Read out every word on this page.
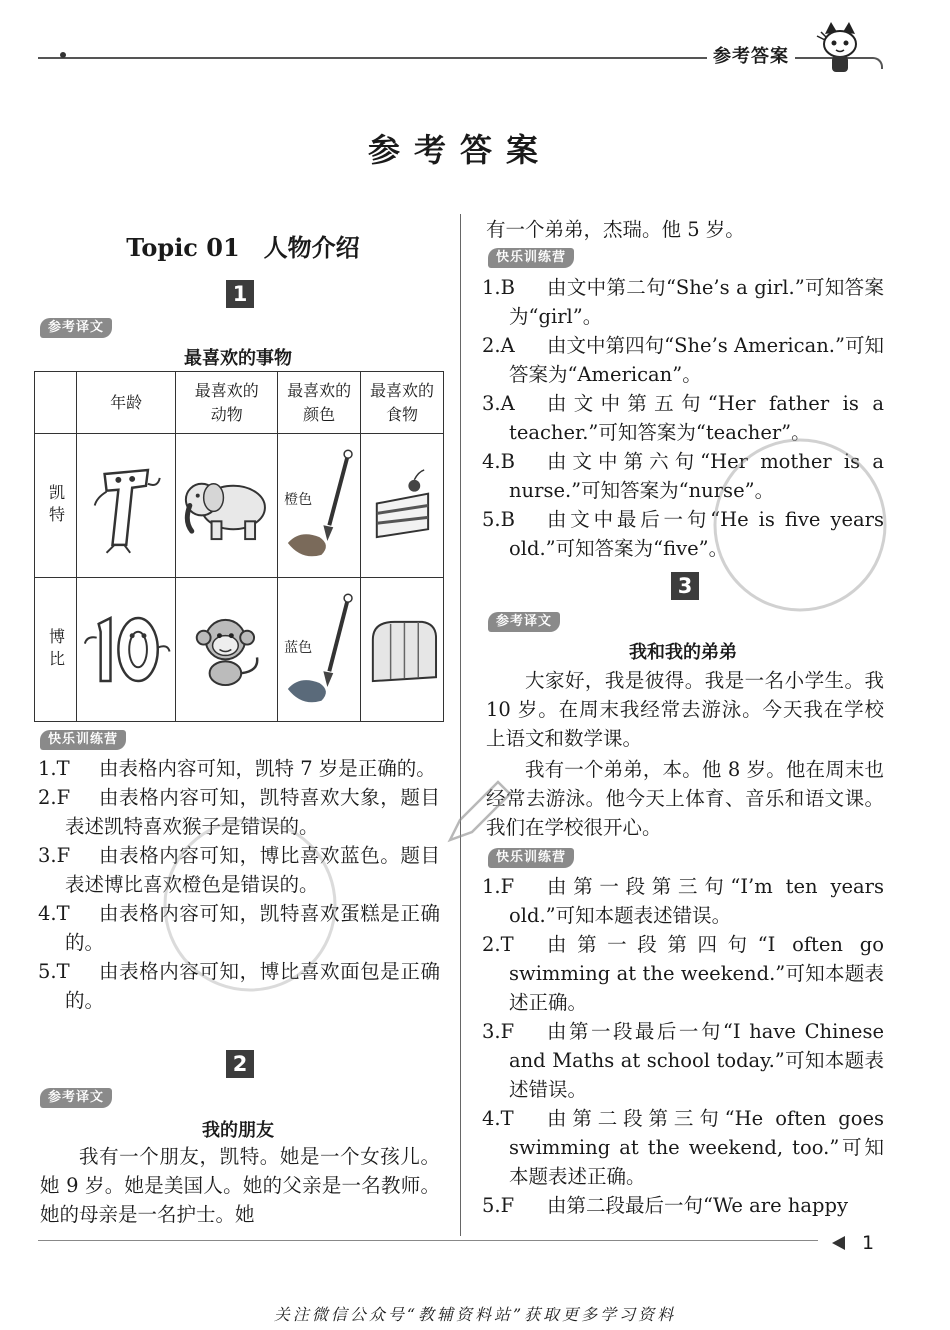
参考答案
参考答案
Topic 01　人物介绍
1
参考译文
最喜欢的事物
	年龄	最喜欢的动物	最喜欢的颜色	最喜欢的食物

凯特			橙色

博比			蓝色

快乐训练营
1.T 由表格内容可知，凯特 7 岁是正确的。
2.F 由表格内容可知，凯特喜欢大象，题目表述凯特喜欢猴子是错误的。
3.F 由表格内容可知，博比喜欢蓝色。题目表述博比喜欢橙色是错误的。
4.T 由表格内容可知，凯特喜欢蛋糕是正确的。
5.T 由表格内容可知，博比喜欢面包是正确的。
2
参考译文
我的朋友
我有一个朋友，凯特。她是一个女孩儿。她 9 岁。她是美国人。她的父亲是一名教师。她的母亲是一名护士。她
有一个弟弟，杰瑞。他 5 岁。
快乐训练营
1.B 由文中第二句“She’s a girl.”可知答案为“girl”。
2.A 由文中第四句“She’s American.”可知答案为“American”。
3.A 由文中第五句“Her father is a teacher.”可知答案为“teacher”。
4.B 由文中第六句“Her mother is a nurse.”可知答案为“nurse”。
5.B 由文中最后一句“He is five years old.”可知答案为“five”。
3
参考译文
我和我的弟弟
大家好，我是彼得。我是一名小学生。我 10 岁。在周末我经常去游泳。今天我在学校上语文和数学课。
我有一个弟弟，本。他 8 岁。他在周末也经常去游泳。他今天上体育、音乐和语文课。我们在学校很开心。
快乐训练营
1.F 由第一段第三句“I’m ten years old.”可知本题表述错误。
2.T 由第一段第四句“I often go swimming at the weekend.”可知本题表述正确。
3.F 由第一段最后一句“I have Chinese and Maths at school today.”可知本题表述错误。
4.T 由第二段第三句“He often goes swimming at the weekend, too.”可知本题表述正确。
5.F 由第二段最后一句“We are happy
1
关注微信公众号“教辅资料站”获取更多学习资料
